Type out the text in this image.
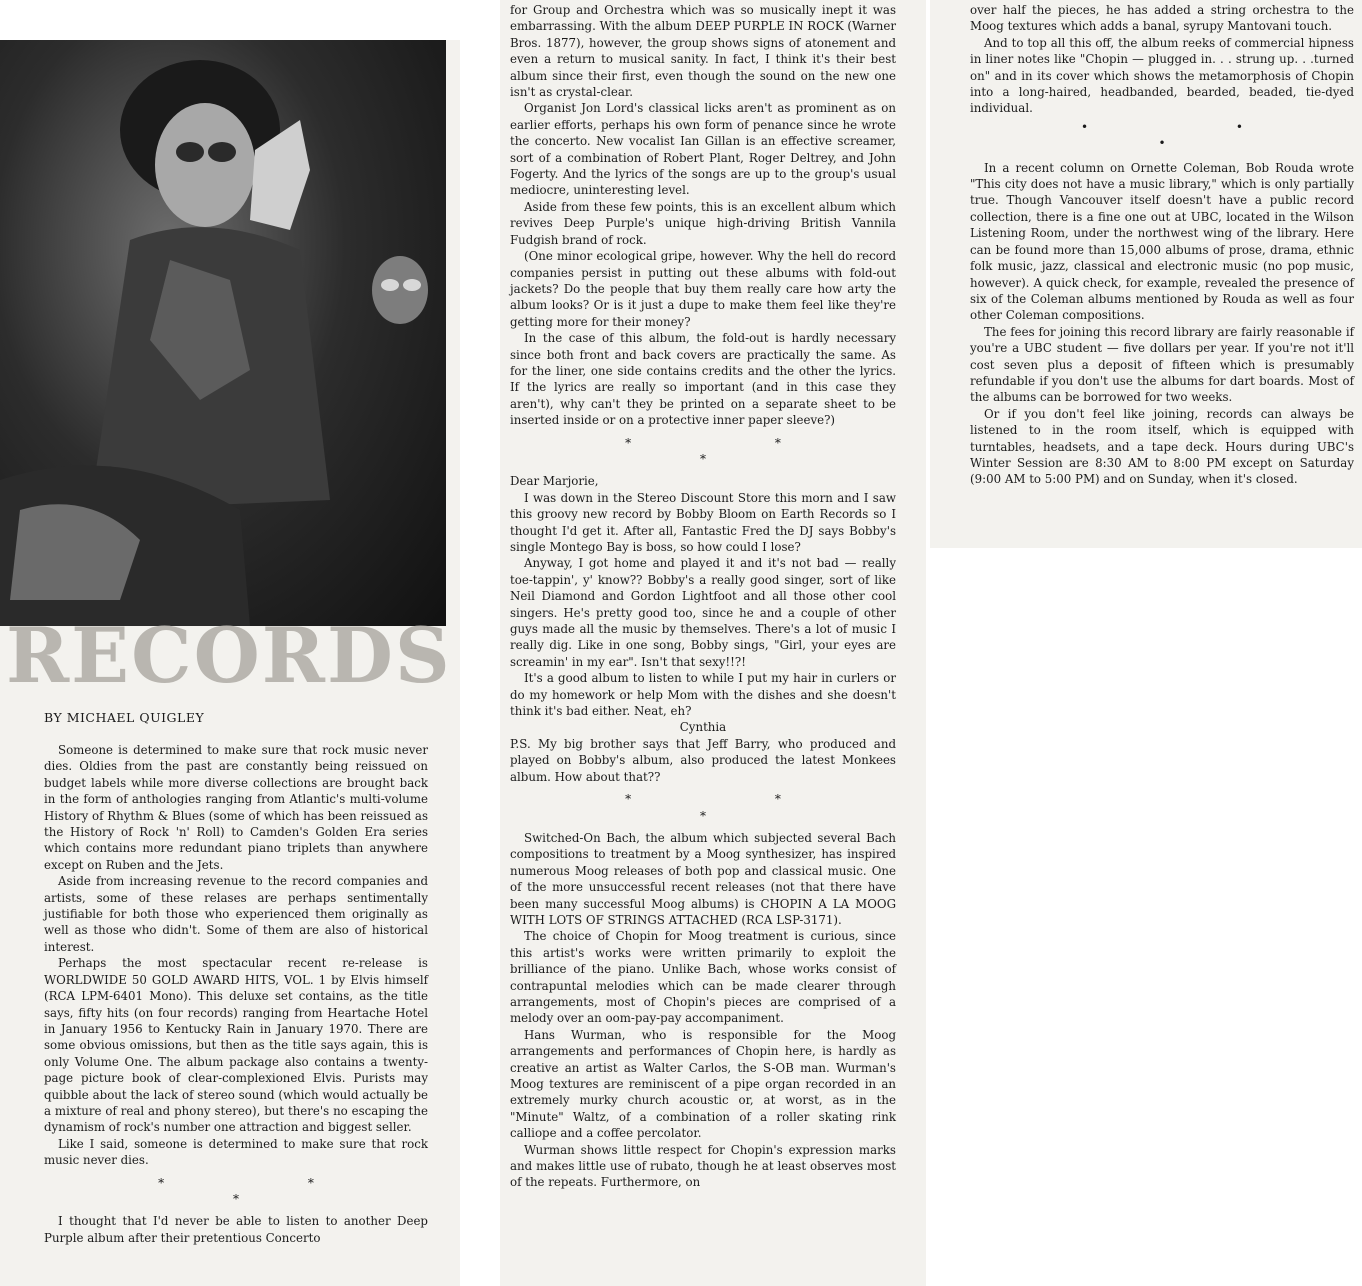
RECORDS
BY MICHAEL QUIGLEY

Someone is determined to make sure that rock music never dies. Oldies from the past are constantly being reissued on budget labels while more diverse collections are brought back in the form of anthologies ranging from Atlantic's multi-volume History of Rhythm & Blues (some of which has been reissued as the History of Rock 'n' Roll) to Camden's Golden Era series which contains more redundant piano triplets than anywhere except on Ruben and the Jets.

Aside from increasing revenue to the record companies and artists, some of these relases are perhaps sentimentally justifiable for both those who experienced them originally as well as those who didn't. Some of them are also of historical interest.

Perhaps the most spectacular recent re-release is WORLDWIDE 50 GOLD AWARD HITS, VOL. 1 by Elvis himself (RCA LPM-6401 Mono). This deluxe set contains, as the title says, fifty hits (on four records) ranging from Heartache Hotel in January 1956 to Kentucky Rain in January 1970. There are some obvious omissions, but then as the title says again, this is only Volume One. The album package also contains a twenty-page picture book of clear-complexioned Elvis. Purists may quibble about the lack of stereo sound (which would actually be a mixture of real and phony stereo), but there's no escaping the dynamism of rock's number one attraction and biggest seller.

Like I said, someone is determined to make sure that rock music never dies.

* * *

I thought that I'd never be able to listen to another Deep Purple album after their pretentious Concerto

for Group and Orchestra which was so musically inept it was embarrassing. With the album DEEP PURPLE IN ROCK (Warner Bros. 1877), however, the group shows signs of atonement and even a return to musical sanity. In fact, I think it's their best album since their first, even though the sound on the new one isn't as crystal-clear.

Organist Jon Lord's classical licks aren't as prominent as on earlier efforts, perhaps his own form of penance since he wrote the concerto. New vocalist Ian Gillan is an effective screamer, sort of a combination of Robert Plant, Roger Deltrey, and John Fogerty. And the lyrics of the songs are up to the group's usual mediocre, uninteresting level.

Aside from these few points, this is an excellent album which revives Deep Purple's unique high-driving British Vannila Fudgish brand of rock.

(One minor ecological gripe, however. Why the hell do record companies persist in putting out these albums with fold-out jackets? Do the people that buy them really care how arty the album looks? Or is it just a dupe to make them feel like they're getting more for their money?

In the case of this album, the fold-out is hardly necessary since both front and back covers are practically the same. As for the liner, one side contains credits and the other the lyrics. If the lyrics are really so important (and in this case they aren't), why can't they be printed on a separate sheet to be inserted inside or on a protective inner paper sleeve?)

* * *

Dear Marjorie,

I was down in the Stereo Discount Store this morn and I saw this groovy new record by Bobby Bloom on Earth Records so I thought I'd get it. After all, Fantastic Fred the DJ says Bobby's single Montego Bay is boss, so how could I lose?

Anyway, I got home and played it and it's not bad — really toe-tappin', y' know?? Bobby's a really good singer, sort of like Neil Diamond and Gordon Lightfoot and all those other cool singers. He's pretty good too, since he and a couple of other guys made all the music by themselves. There's a lot of music I really dig. Like in one song, Bobby sings, "Girl, your eyes are screamin' in my ear". Isn't that sexy!!?!

It's a good album to listen to while I put my hair in curlers or do my homework or help Mom with the dishes and she doesn't think it's bad either. Neat, eh?

Cynthia

P.S. My big brother says that Jeff Barry, who produced and played on Bobby's album, also produced the latest Monkees album. How about that??

* * *

Switched-On Bach, the album which subjected several Bach compositions to treatment by a Moog synthesizer, has inspired numerous Moog releases of both pop and classical music. One of the more unsuccessful recent releases (not that there have been many successful Moog albums) is CHOPIN A LA MOOG WITH LOTS OF STRINGS ATTACHED (RCA LSP-3171).

The choice of Chopin for Moog treatment is curious, since this artist's works were written primarily to exploit the brilliance of the piano. Unlike Bach, whose works consist of contrapuntal melodies which can be made clearer through arrangements, most of Chopin's pieces are comprised of a melody over an oom-pay-pay accompaniment.

Hans Wurman, who is responsible for the Moog arrangements and performances of Chopin here, is hardly as creative an artist as Walter Carlos, the S-OB man. Wurman's Moog textures are reminiscent of a pipe organ recorded in an extremely murky church acoustic or, at worst, as in the "Minute" Waltz, of a combination of a roller skating rink calliope and a coffee percolator.

Wurman shows little respect for Chopin's expression marks and makes little use of rubato, though he at least observes most of the repeats. Furthermore, on

over half the pieces, he has added a string orchestra to the Moog textures which adds a banal, syrupy Mantovani touch.

And to top all this off, the album reeks of commercial hipness in liner notes like "Chopin — plugged in. . . strung up. . .turned on" and in its cover which shows the metamorphosis of Chopin into a long-haired, headbanded, bearded, beaded, tie-dyed individual.

• • •

In a recent column on Ornette Coleman, Bob Rouda wrote "This city does not have a music library," which is only partially true. Though Vancouver itself doesn't have a public record collection, there is a fine one out at UBC, located in the Wilson Listening Room, under the northwest wing of the library. Here can be found more than 15,000 albums of prose, drama, ethnic folk music, jazz, classical and electronic music (no pop music, however). A quick check, for example, revealed the presence of six of the Coleman albums mentioned by Rouda as well as four other Coleman compositions.

The fees for joining this record library are fairly reasonable if you're a UBC student — five dollars per year. If you're not it'll cost seven plus a deposit of fifteen which is presumably refundable if you don't use the albums for dart boards. Most of the albums can be borrowed for two weeks.

Or if you don't feel like joining, records can always be listened to in the room itself, which is equipped with turntables, headsets, and a tape deck. Hours during UBC's Winter Session are 8:30 AM to 8:00 PM except on Saturday (9:00 AM to 5:00 PM) and on Sunday, when it's closed.
